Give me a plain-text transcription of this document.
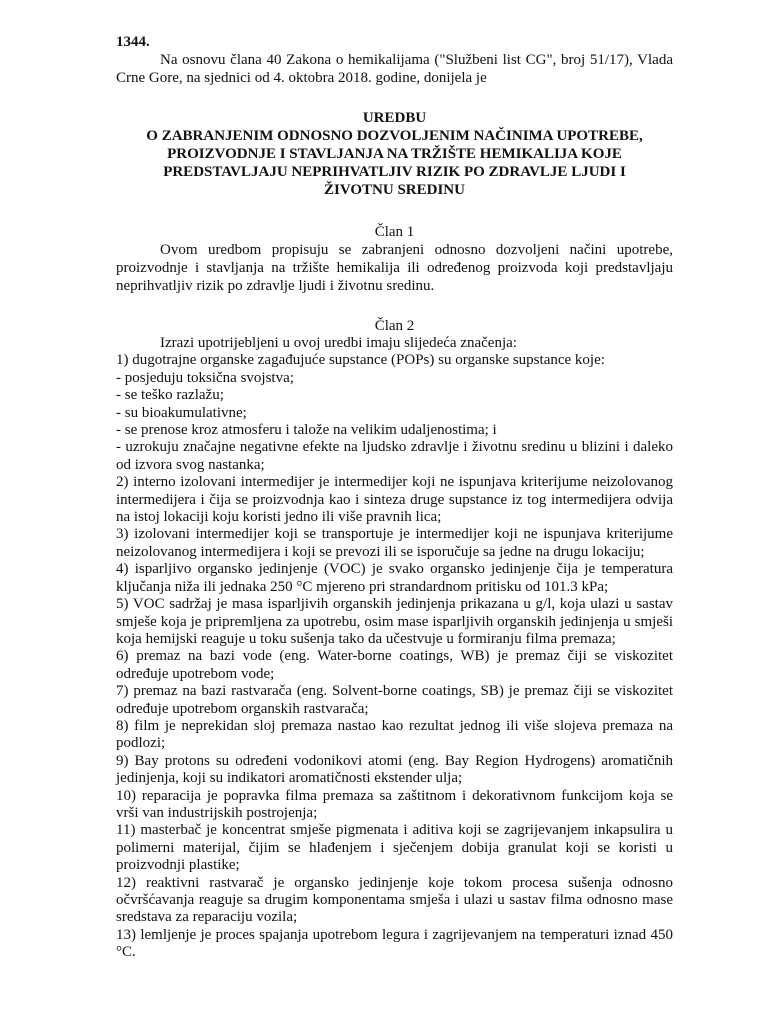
1344.

Na osnovu člana 40 Zakona o hemikalijama ("Službeni list CG", broj 51/17), Vlada Crne Gore, na sjednici od 4. oktobra 2018. godine, donijela je

UREDBU
O ZABRANJENIM ODNOSNO DOZVOLJENIM NAČINIMA UPOTREBE,
PROIZVODNJE I STAVLJANJA NA TRŽIŠTE HEMIKALIJA KOJE
PREDSTAVLJAJU NEPRIHVATLJIV RIZIK PO ZDRAVLJE LJUDI I
ŽIVOTNU SREDINU
Član 1

Ovom uredbom propisuju se zabranjeni odnosno dozvoljeni načini upotrebe, proizvodnje i stavljanja na tržište hemikalija ili određenog proizvoda koji predstavljaju neprihvatljiv rizik po zdravlje ljudi i životnu sredinu.

Član 2

Izrazi upotrijebljeni u ovoj uredbi imaju slijedeća značenja:

1) dugotrajne organske zagađujuće supstance (POPs) su organske supstance koje:

- posjeduju toksična svojstva;

- se teško razlažu;

- su bioakumulativne;

- se prenose kroz atmosferu i talože na velikim udaljenostima; i

- uzrokuju značajne negativne efekte na ljudsko zdravlje i životnu sredinu u blizini i daleko od izvora svog nastanka;

2) interno izolovani intermedijer je intermedijer koji ne ispunjava kriterijume neizolovanog intermedijera i čija se proizvodnja kao i sinteza druge supstance iz tog intermedijera odvija na istoj lokaciji koju koristi jedno ili više pravnih lica;

3) izolovani intermedijer koji se transportuje je intermedijer koji ne ispunjava kriterijume neizolovanog intermedijera i koji se prevozi ili se isporučuje sa jedne na drugu lokaciju;

4) isparljivo organsko jedinjenje (VOC) je svako organsko jedinjenje čija je temperatura ključanja niža ili jednaka 250 °C mjereno pri strandardnom pritisku od 101.3 kPa;

5) VOC sadržaj je masa isparljivih organskih jedinjenja prikazana u g/l, koja ulazi u sastav smješe koja je pripremljena za upotrebu, osim mase isparljivih organskih jedinjenja u smješi koja hemijski reaguje u toku sušenja tako da učestvuje u formiranju filma premaza;

6) premaz na bazi vode (eng. Water-borne coatings, WB) je premaz čiji se viskozitet određuje upotrebom vode;

7) premaz na bazi rastvarača (eng. Solvent-borne coatings, SB) je premaz čiji se viskozitet određuje upotrebom organskih rastvarača;

8) film je neprekidan sloj premaza nastao kao rezultat jednog ili više slojeva premaza na podlozi;

9) Bay protons su određeni vodonikovi atomi (eng. Bay Region Hydrogens) aromatičnih jedinjenja, koji su indikatori aromatičnosti ekstender ulja;

10) reparacija je popravka filma premaza sa zaštitnom i dekorativnom funkcijom koja se vrši van industrijskih postrojenja;

11) masterbač je koncentrat smješe pigmenata i aditiva koji se zagrijevanjem inkapsulira u polimerni materijal, čijim se hlađenjem i sječenjem dobija granulat koji se koristi u proizvodnji plastike;

12) reaktivni rastvarač je organsko jedinjenje koje tokom procesa sušenja odnosno očvršćavanja reaguje sa drugim komponentama smješa i ulazi u sastav filma odnosno mase sredstava za reparaciju vozila;

13) lemljenje je proces spajanja upotrebom legura i zagrijevanjem na temperaturi iznad 450 °C.
